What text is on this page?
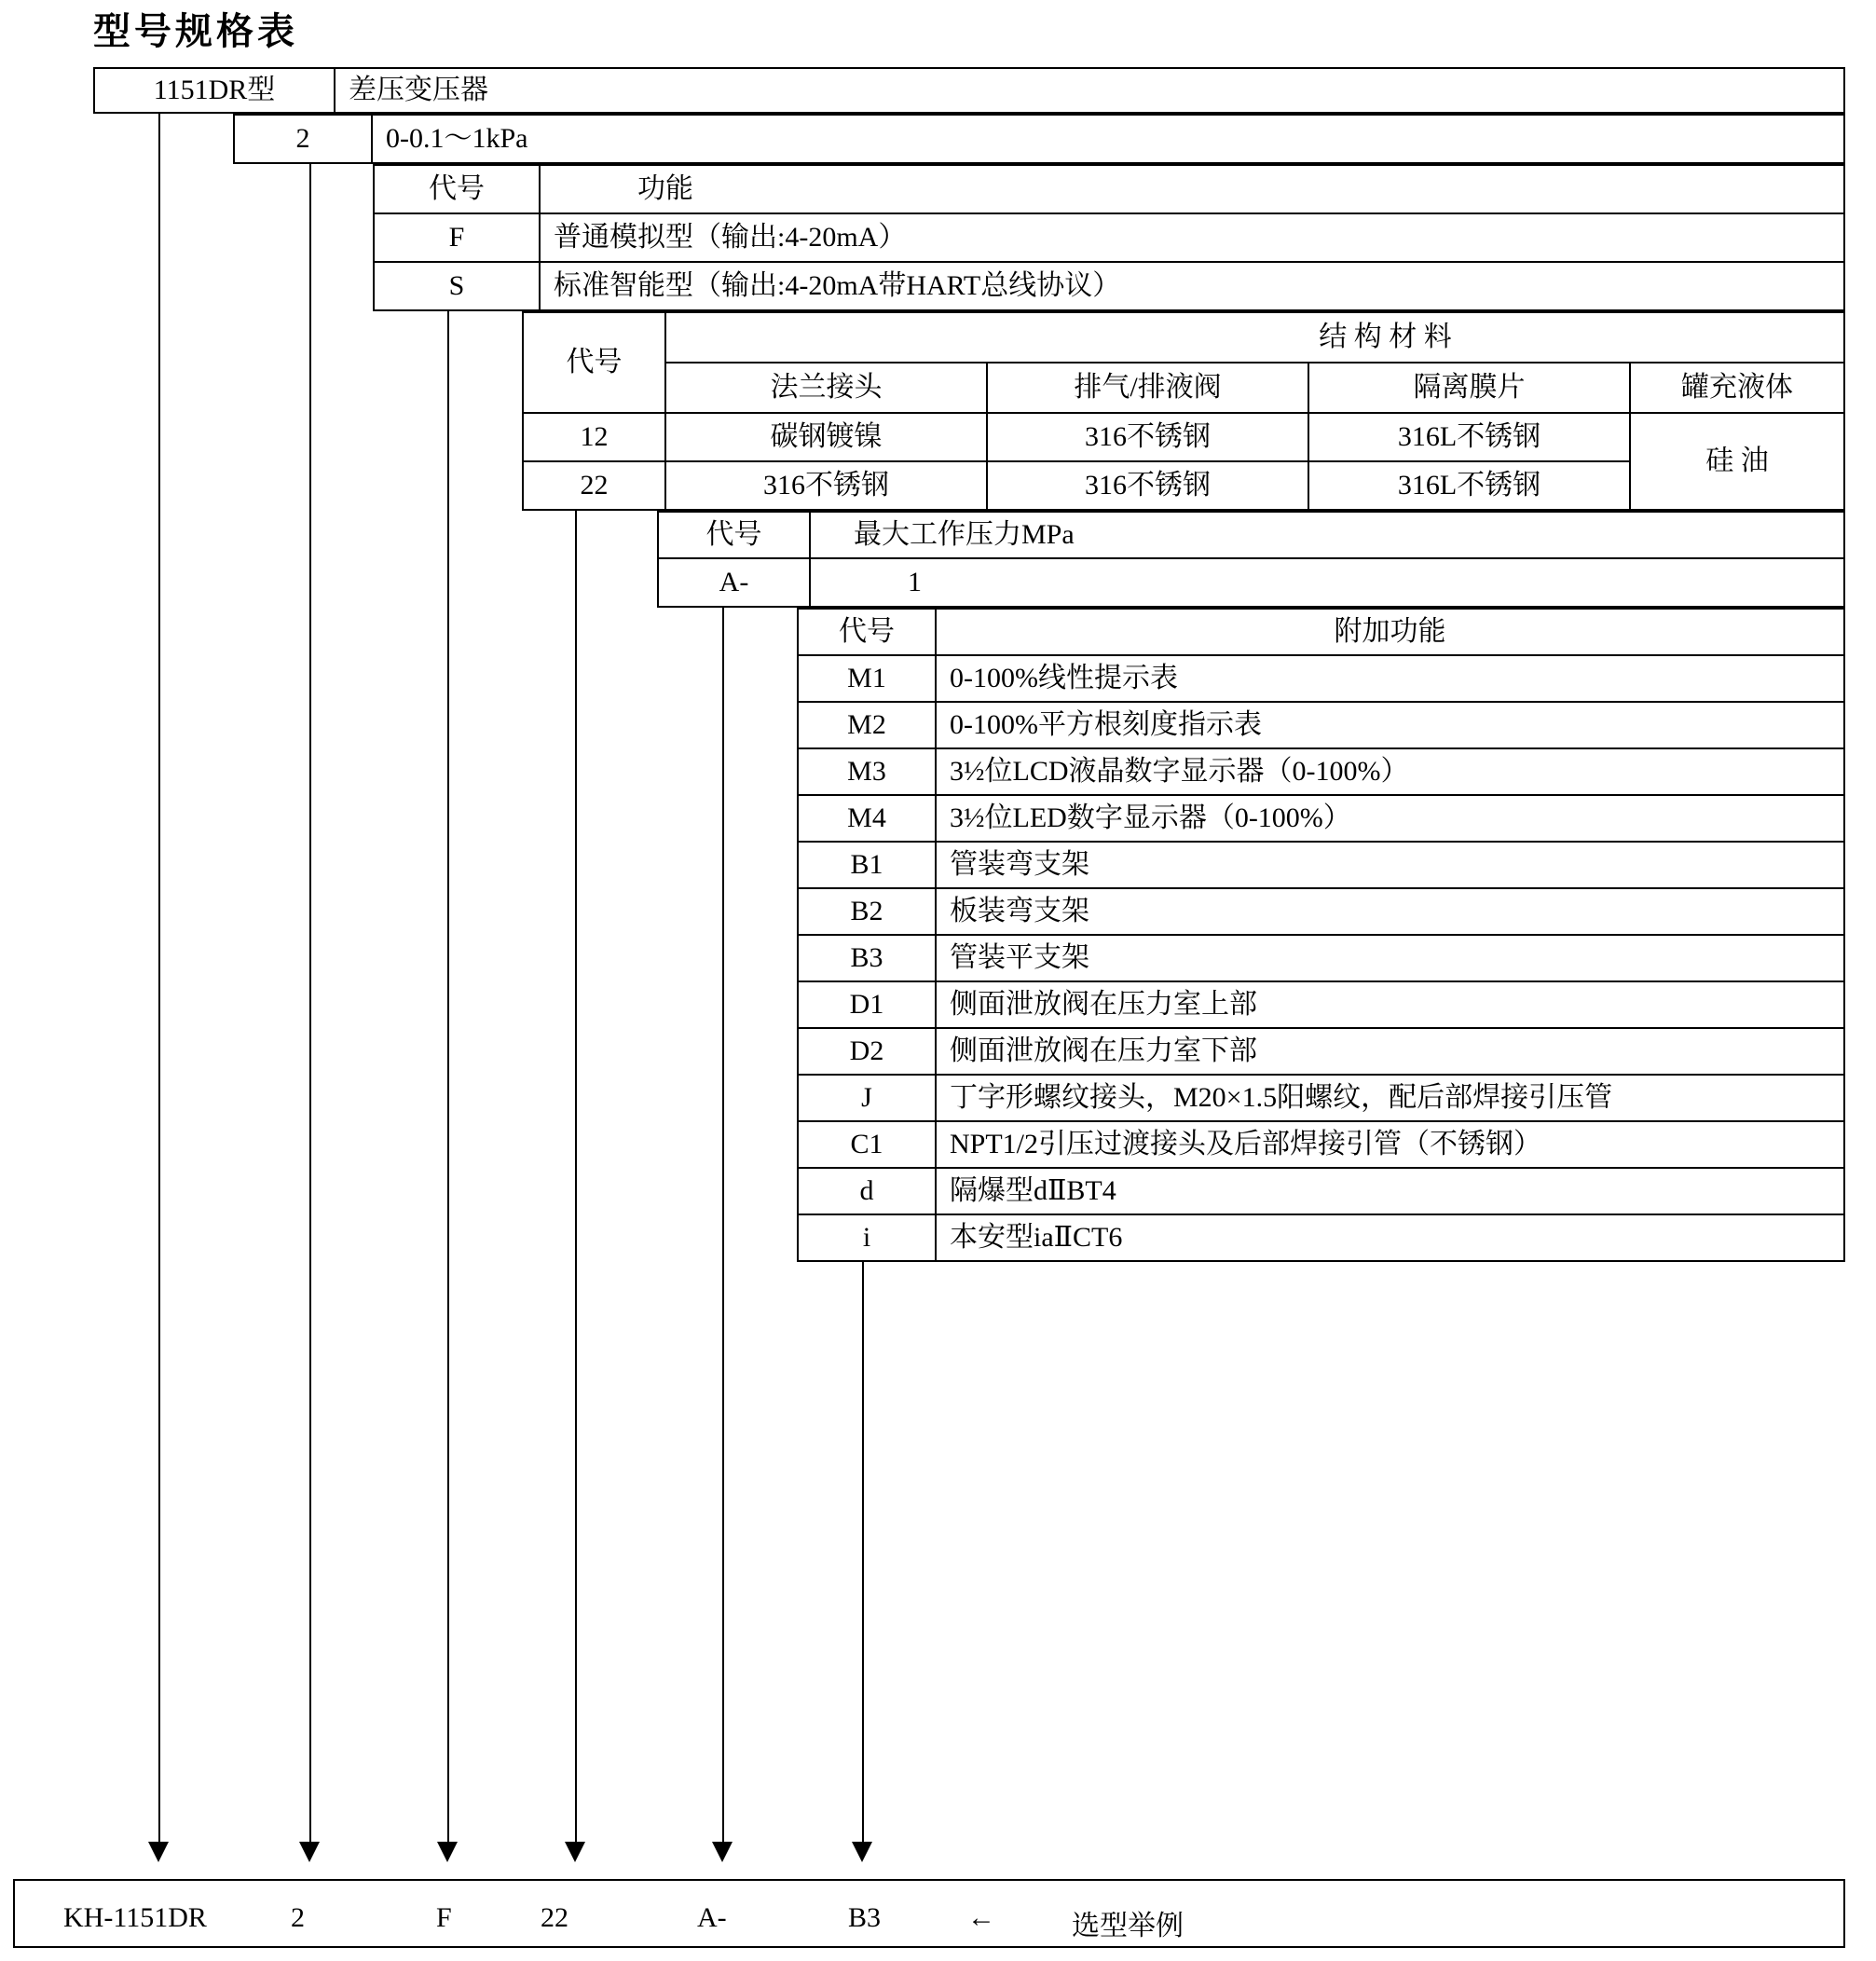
型号规格表
1151DR型	差压变压器
2	0-0.1～1kPa
代号	功能
F	普通模拟型（输出:4-20mA）
S	标准智能型（输出:4-20mA带HART总线协议）
代号
结 构 材 料
法兰接头	排气/排液阀	隔离膜片	罐充液体
12	碳钢镀镍	316不锈钢	316L不锈钢
硅 油
22	316不锈钢	316不锈钢	316L不锈钢
代号	最大工作压力MPa
A-	1
代号	附加功能
M1 0-100%线性提示表
M2 0-100%平方根刻度指示表
M3 3½位LCD液晶数字显示器（0-100%）
M4 3½位LED数字显示器（0-100%）
B1 管装弯支架
B2 板装弯支架
B3 管装平支架
D1 侧面泄放阀在压力室上部
D2 侧面泄放阀在压力室下部
J	丁字形螺纹接头，M20×1.5阳螺纹，配后部焊接引压管
C1 NPT1/2引压过渡接头及后部焊接引管（不锈钢）
d	隔爆型dⅡBT4
i	本安型iaⅡCT6
KH-1151DR	2	F	22	A-	B3	←	选型举例
